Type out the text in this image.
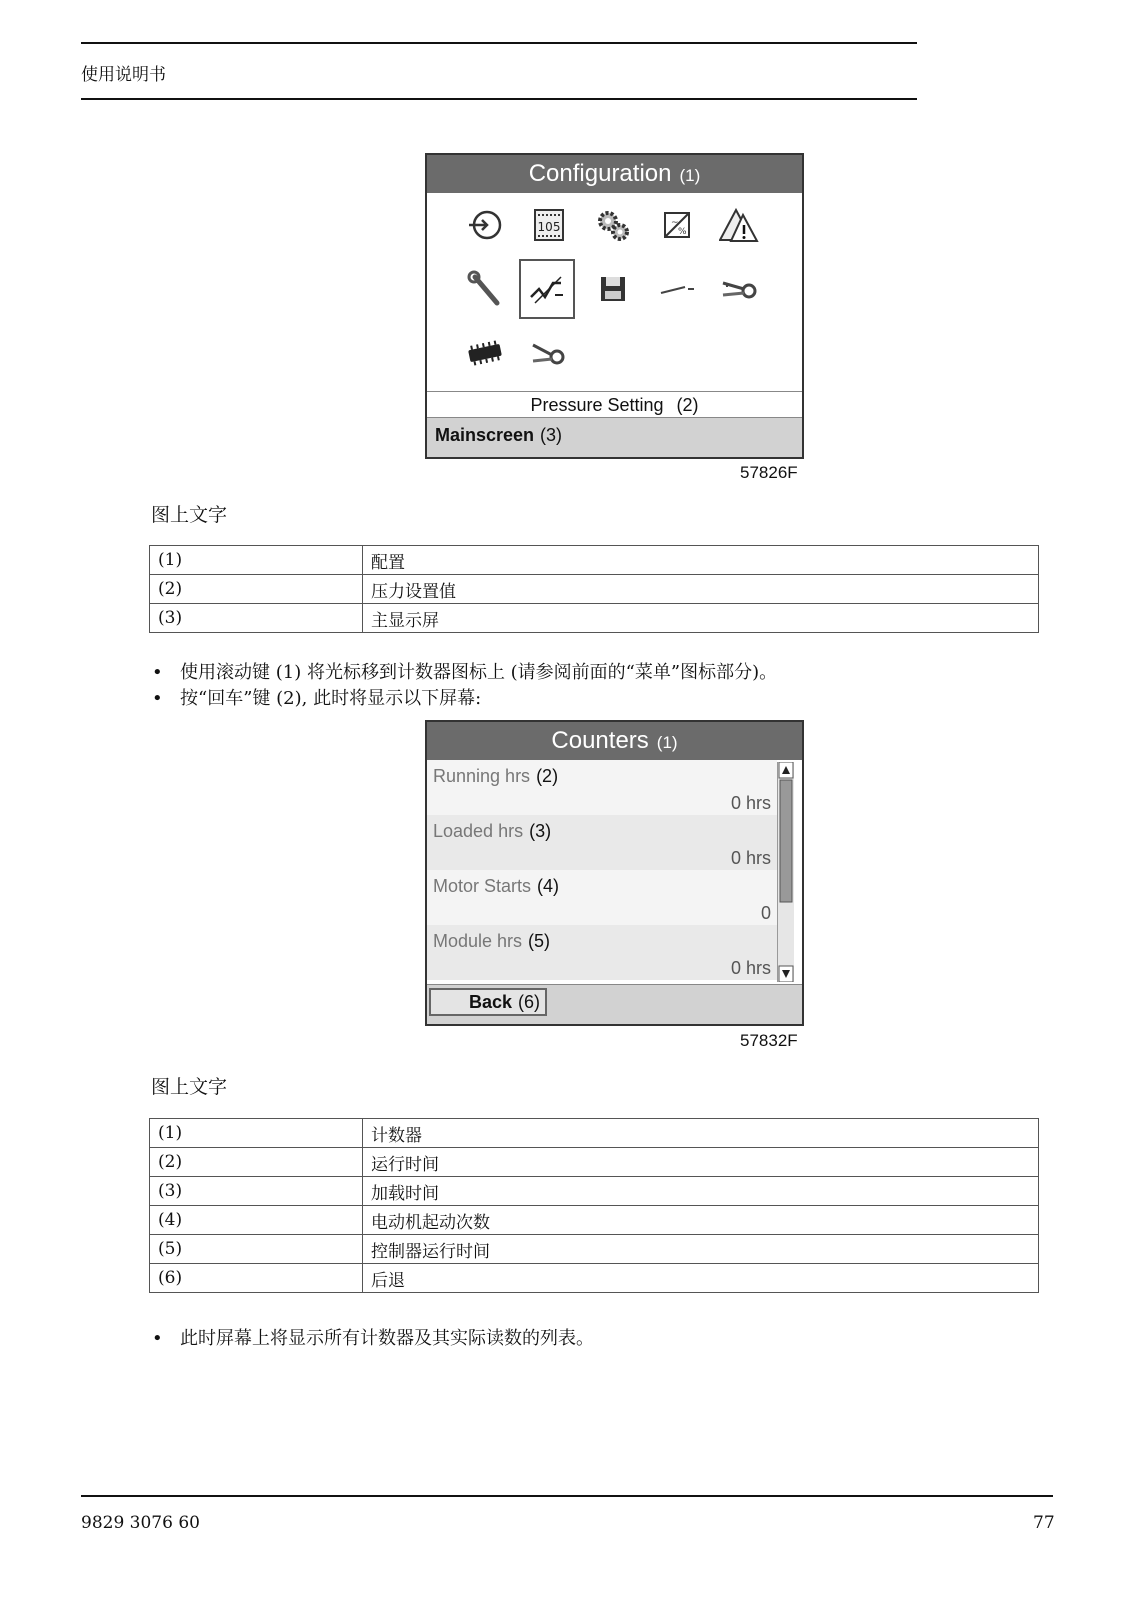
使用说明书
Configuration (1)
105	~
%
Pressure Setting (2)
Mainscreen (3)
57826F
图上文字
(1)	配置
(2)	压力设置值
(3)	主显示屏
• 使用滚动键 (1) 将光标移到计数器图标上 (请参阅前面的“菜单”图标部分)。
• 按“回车”键 (2), 此时将显示以下屏幕:
Counters (1)
Running hrs (2)
0 hrs
Loaded hrs (3)
0 hrs
Motor Starts (4)
0
Module hrs (5)
0 hrs
Back (6)
57832F
图上文字
(1)	计数器
(2)	运行时间
(3)	加载时间
(4)	电动机起动次数
(5)	控制器运行时间
(6)	后退
• 此时屏幕上将显示所有计数器及其实际读数的列表。
9829 3076 60	77
